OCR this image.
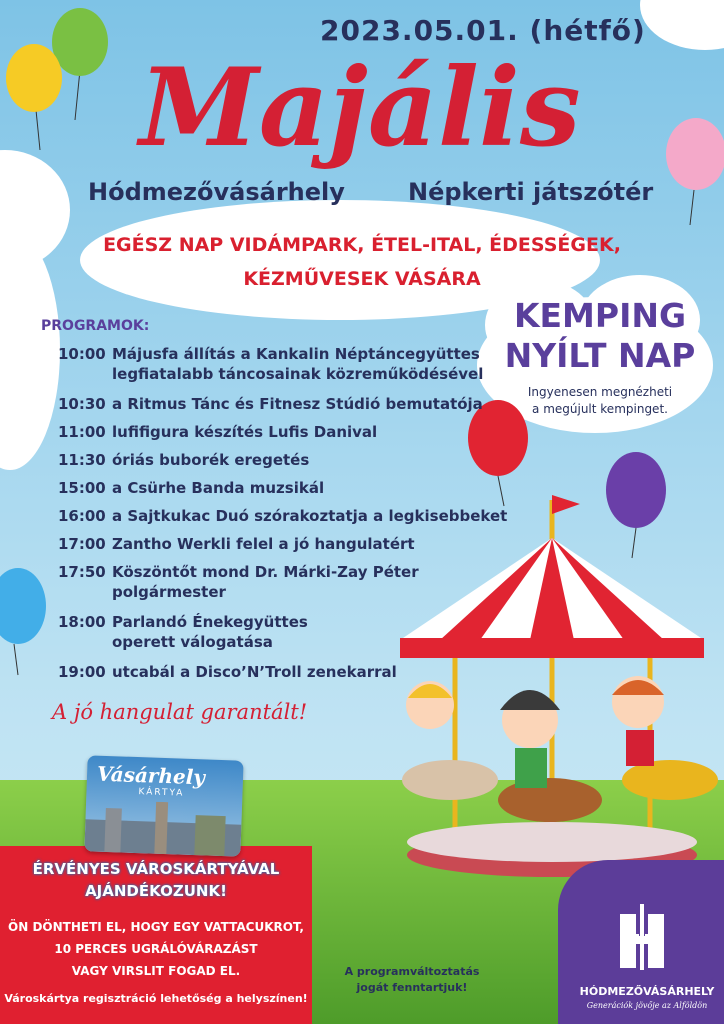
2023.05.01. (hétfő)
Majális
Hódmezővásárhely	Népkerti játszótér
EGÉSZ NAP VIDÁMPARK, ÉTEL-ITAL, ÉDESSÉGEK,
KÉZMŰVESEK VÁSÁRA
KEMPING
NYÍLT NAP
Ingyenesen megnézheti
a megújult kempinget.
PROGRAMOK:
10:00 Májusfa állítás a Kankalin Néptáncegyüttes legfiatalabb táncosainak közreműködésével
10:30 a Ritmus Tánc és Fitnesz Stúdió bemutatója
11:00 lufifigura készítés Lufis Danival
11:30 óriás buborék eregetés
15:00 a Csürhe Banda muzsikál
16:00 a Sajtkukac Duó szórakoztatja a legkisebbeket
17:00 Zantho Werkli felel a jó hangulatért
17:50 Köszöntőt mond Dr. Márki-Zay Péter polgármester
18:00 Parlandó Énekegyüttes operett válogatása
19:00 utcabál a Disco’N’Troll zenekarral
A jó hangulat garantált!
Vásárhely
KÁRTYA
ÉRVÉNYES VÁROSKÁRTYÁVAL
AJÁNDÉKOZUNK!
ÖN DÖNTHETI EL, HOGY EGY VATTACUKROT,
10 PERCES UGRÁLÓVÁRAZÁST
VAGY VIRSLIT FOGAD EL.
Városkártya regisztráció lehetőség a helyszínen!
A programváltoztatás
jogát fenntartjuk!	HÓDMEZŐVÁSÁRHELY
Generációk jövője az Alföldön
